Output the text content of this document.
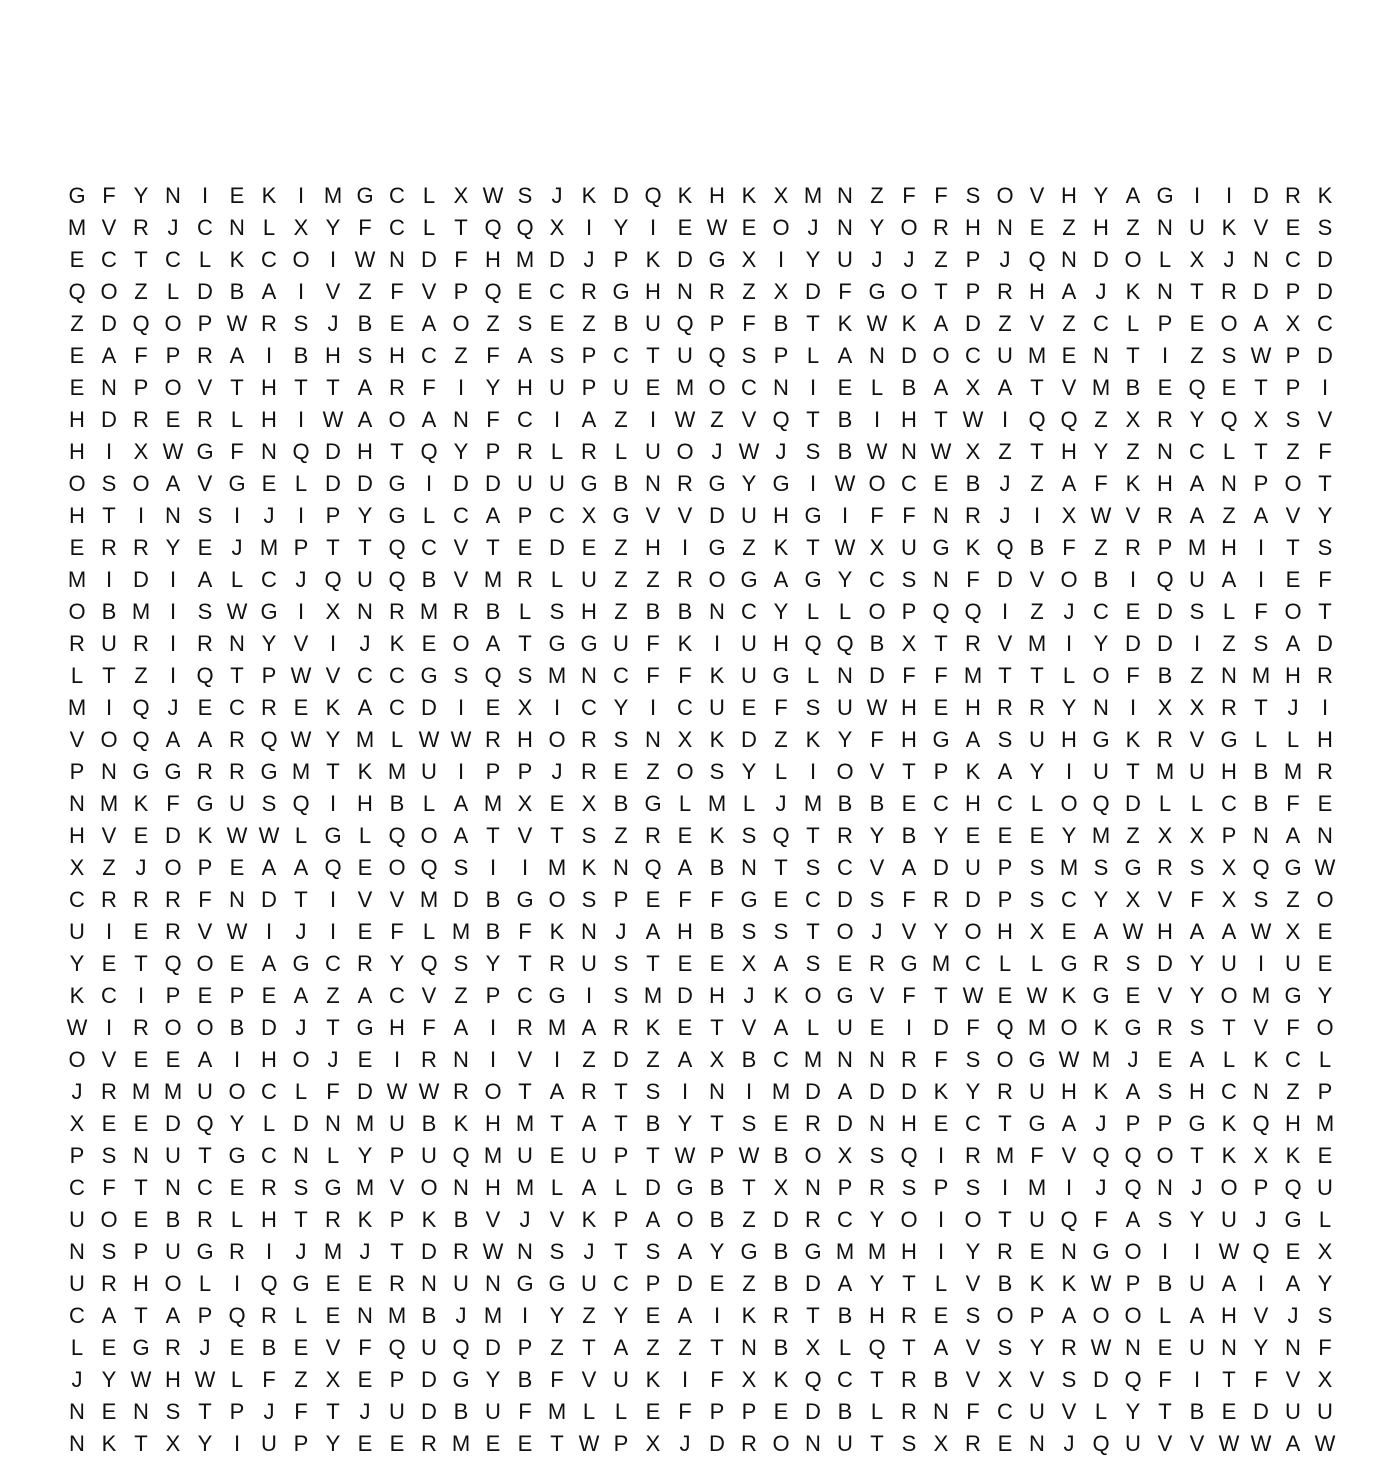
G F Y N I E K I M G C L X W S J K D Q K H K X M N Z F F S O V H Y A G I	I D R K
M V R J C N L X Y F C L T Q Q X I Y I E W E O J N Y O R H N E Z H Z N U K V E S
E C T C L K C O I W N D F H M D J P K D G X I Y U J J Z P J Q N D O L X J N C D
Q O Z L D B A I V Z F V P Q E C R G H N R Z X D F G O T P R H A J K N T R D P D
Z D Q O P W R S J B E A O Z S E Z B U Q P F B T K W K A D Z V Z C L P E O A X C
E A F P R A I B H S H C Z F A S P C T U Q S P L A N D O C U M E N T	I	Z S W P D
E N P O V T H T T A R F	I Y H U P U E M O C N I E L B A X A T V M B E Q E T P I
H D R E R L H I W A O A N F C I A Z	I W Z V Q T B I H T W I Q Q Z X R Y Q X S V
H I X W G F N Q D H T Q Y P R L R L U O J W J S B W N W X Z T H Y Z N C L T Z F
O S O A V G E L D D G I D D U U G B N R G Y G I W O C E B J Z A F K H A N P O T
H T	I N S I	J	I P Y G L C A P C X G V V D U H G I	F F N R J	I X W V R A Z A V Y
E R R Y E J M P T T Q C V T E D E Z H I G Z K T W X U G K Q B F Z R P M H I	T S
M I D I A L C J Q U Q B V M R L U Z Z R O G A G Y C S N F D V O B I Q U A I E F
O B M I S W G I X N R M R B L S H Z B B N C Y L L O P Q Q I	Z J C E D S L F O T
R U R I R N Y V I	J K E O A T G G U F K I U H Q Q B X T R V M I Y D D I	Z S A D
L T Z	I Q T P W V C C G S Q S M N C F F K U G L N D F F M T T L O F B Z N M H R
M I Q J E C R E K A C D I E X I C Y I C U E F S U W H E H R R Y N I X X R T J	I
V O Q A A R Q W Y M L W W R H O R S N X K D Z K Y F H G A S U H G K R V G L L H
P N G G R R G M T K M U I P P J R E Z O S Y L	I O V T P K A Y I U T M U H B M R
N M K F G U S Q I H B L A M X E X B G L M L J M B B E C H C L O Q D L L C B F E
H V E D K W W L G L Q O A T V T S Z R E K S Q T R Y B Y E E E Y M Z X X P N A N
X Z J O P E A A Q E O Q S I	I M K N Q A B N T S C V A D U P S M S G R S X Q G W
C R R R F N D T	I V V M D B G O S P E F F G E C D S F R D P S C Y X V F X S Z O
U I E R V W I	J	I E F L M B F K N J A H B S S T O J V Y O H X E A W H A A W X E
Y E T Q O E A G C R Y Q S Y T R U S T E E X A S E R G M C L L G R S D Y U I U E
K C I P E P E A Z A C V Z P C G I S M D H J K O G V F T W E W K G E V Y O M G Y
W I R O O B D J T G H F A I R M A R K E T V A L U E I D F Q M O K G R S T V F O
O V E E A I H O J E I R N I V I	Z D Z A X B C M N N R F S O G W M J E A L K C L
J R M M U O C L F D W W R O T A R T S I N I M D A D D K Y R U H K A S H C N Z P
X E E D Q Y L D N M U B K H M T A T B Y T S E R D N H E C T G A J P P G K Q H M
P S N U T G C N L Y P U Q M U E U P T W P W B O X S Q I R M F V Q Q O T K X K E
C F T N C E R S G M V O N H M L A L D G B T X N P R S P S I M I	J Q N J O P Q U
U O E B R L H T R K P K B V J V K P A O B Z D R C Y O I O T U Q F A S Y U J G L
N S P U G R I	J M J T D R W N S J T S A Y G B G M M H I Y R E N G O I	I W Q E X
U R H O L	I Q G E E R N U N G G U C P D E Z B D A Y T L V B K K W P B U A I A Y
C A T A P Q R L E N M B J M I Y Z Y E A I K R T B H R E S O P A O O L A H V J S
L E G R J E B E V F Q U Q D P Z T A Z Z T N B X L Q T A V S Y R W N E U N Y N F
J Y W H W L F Z X E P D G Y B F V U K I	F X K Q C T R B V X V S D Q F	I	T F V X
N E N S T P J F T J U D B U F M L L E F P P E D B L R N F C U V L Y T B E D U U
N K T X Y I U P Y E E R M E E T W P X J D R O N U T S X R E N J Q U V V W W A W
